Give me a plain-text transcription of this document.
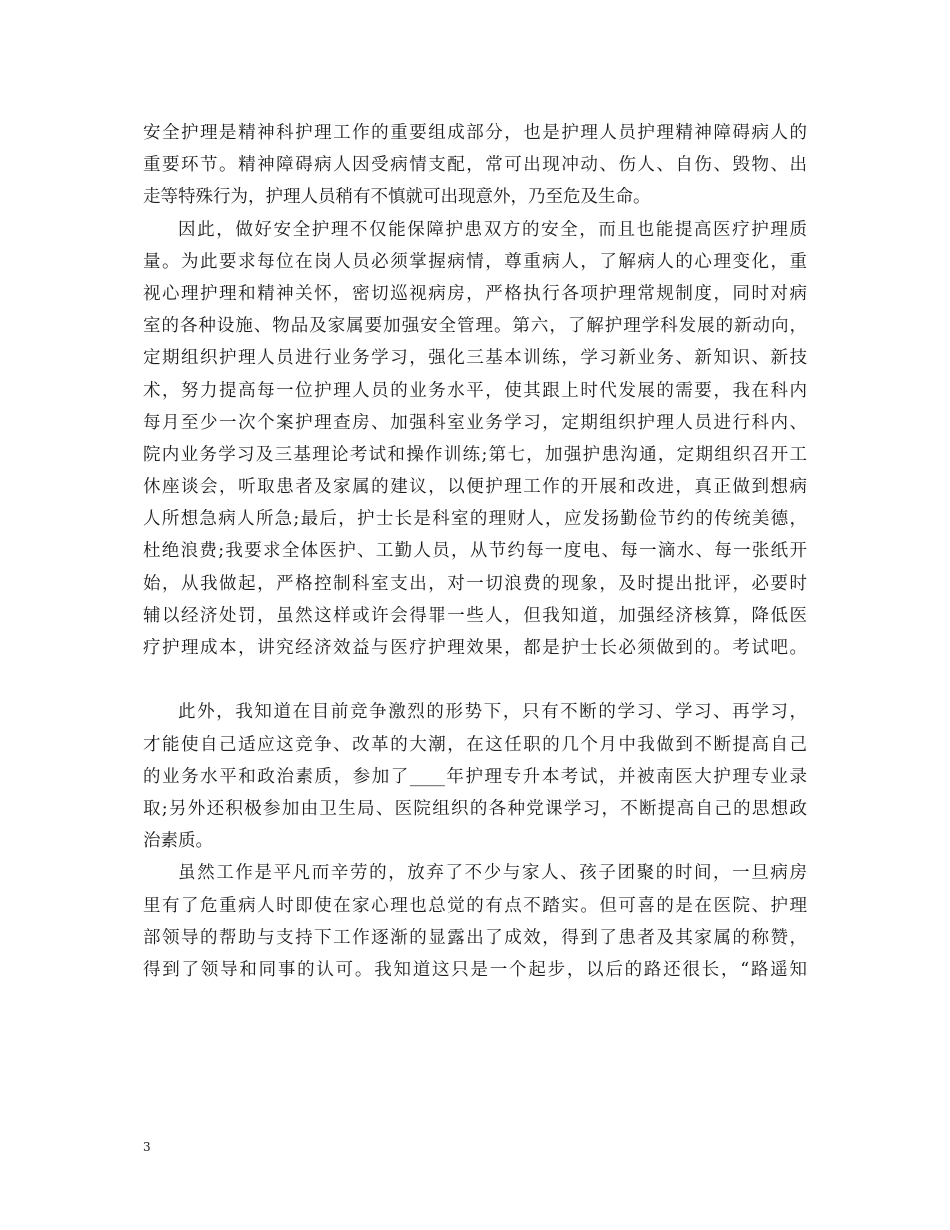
安全护理是精神科护理工作的重要组成部分，也是护理人员护理精神障碍病人的
重要环节。精神障碍病人因受病情支配，常可出现冲动、伤人、自伤、毁物、出
走等特殊行为，护理人员稍有不慎就可出现意外，乃至危及生命。
因此，做好安全护理不仅能保障护患双方的安全，而且也能提高医疗护理质
量。为此要求每位在岗人员必须掌握病情，尊重病人，了解病人的心理变化，重
视心理护理和精神关怀，密切巡视病房，严格执行各项护理常规制度，同时对病
室的各种设施、物品及家属要加强安全管理。第六，了解护理学科发展的新动向，
定期组织护理人员进行业务学习，强化三基本训练，学习新业务、新知识、新技
术，努力提高每一位护理人员的业务水平，使其跟上时代发展的需要，我在科内
每月至少一次个案护理查房、加强科室业务学习，定期组织护理人员进行科内、
院内业务学习及三基理论考试和操作训练;第七，加强护患沟通，定期组织召开工
休座谈会，听取患者及家属的建议，以便护理工作的开展和改进，真正做到想病
人所想急病人所急;最后，护士长是科室的理财人，应发扬勤俭节约的传统美德，
杜绝浪费;我要求全体医护、工勤人员，从节约每一度电、每一滴水、每一张纸开
始，从我做起，严格控制科室支出，对一切浪费的现象，及时提出批评，必要时
辅以经济处罚，虽然这样或许会得罪一些人，但我知道，加强经济核算，降低医
疗护理成本，讲究经济效益与医疗护理效果，都是护士长必须做到的。考试吧。
此外，我知道在目前竞争激烈的形势下，只有不断的学习、学习、再学习，
才能使自己适应这竞争、改革的大潮，在这任职的几个月中我做到不断提高自己
的业务水平和政治素质，参加了____年护理专升本考试，并被南医大护理专业录
取;另外还积极参加由卫生局、医院组织的各种党课学习，不断提高自己的思想政
治素质。
虽然工作是平凡而辛劳的，放弃了不少与家人、孩子团聚的时间，一旦病房
里有了危重病人时即使在家心理也总觉的有点不踏实。但可喜的是在医院、护理
部领导的帮助与支持下工作逐渐的显露出了成效，得到了患者及其家属的称赞，
得到了领导和同事的认可。我知道这只是一个起步，以后的路还很长，“路遥知
3
